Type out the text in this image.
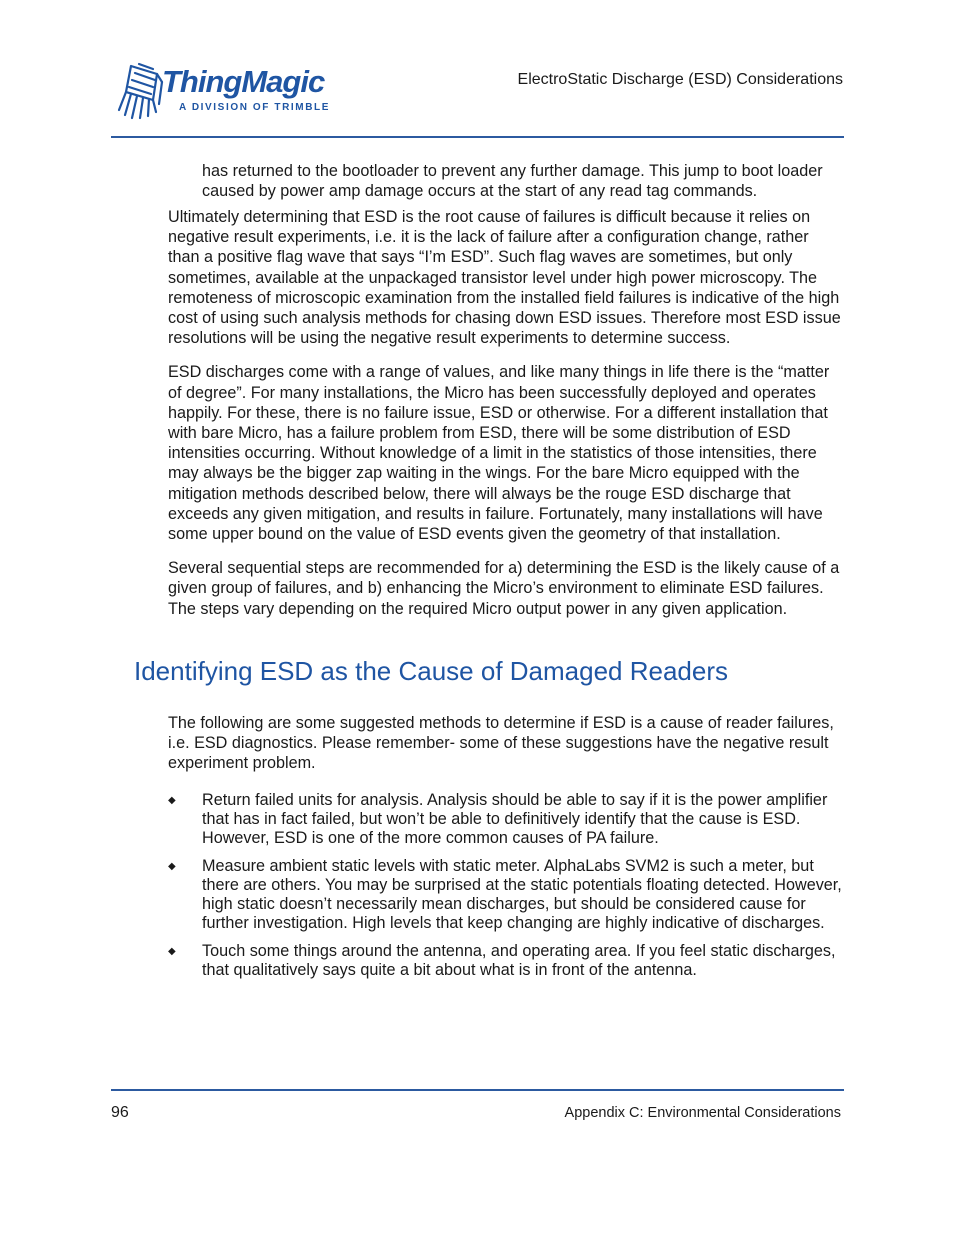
ThingMagic
A DIVISION OF TRIMBLE
ElectroStatic Discharge (ESD) Considerations

has returned to the bootloader to prevent any further damage. This jump to boot loader caused by power amp damage occurs at the start of any read tag commands.

Ultimately determining that ESD is the root cause of failures is difficult because it relies on negative result experiments, i.e. it is the lack of failure after a configuration change, rather than a positive flag wave that says “I’m ESD”. Such flag waves are sometimes, but only sometimes, available at the unpackaged transistor level under high power microscopy. The remoteness of microscopic examination from the installed field failures is indicative of the high cost of using such analysis methods for chasing down ESD issues. Therefore most ESD issue resolutions will be using the negative result experiments to determine success.

ESD discharges come with a range of values, and like many things in life there is the “matter of degree”. For many installations, the Micro has been successfully deployed and operates happily. For these, there is no failure issue, ESD or otherwise. For a different installation that with bare Micro, has a failure problem from ESD, there will be some distribution of ESD intensities occurring. Without knowledge of a limit in the statistics of those intensities, there may always be the bigger zap waiting in the wings. For the bare Micro equipped with the mitigation methods described below, there will always be the rouge ESD discharge that exceeds any given mitigation, and results in failure. Fortunately, many installations will have some upper bound on the value of ESD events given the geometry of that installation.

Several sequential steps are recommended for a) determining the ESD is the likely cause of a given group of failures, and b) enhancing the Micro’s environment to eliminate ESD failures. The steps vary depending on the required Micro output power in any given application.

Identifying ESD as the Cause of Damaged Readers

The following are some suggested methods to determine if ESD is a cause of reader failures, i.e. ESD diagnostics. Please remember- some of these suggestions have the negative result experiment problem.

◆ Return failed units for analysis. Analysis should be able to say if it is the power amplifier that has in fact failed, but won’t be able to definitively identify that the cause is ESD. However, ESD is one of the more common causes of PA failure.
◆ Measure ambient static levels with static meter. AlphaLabs SVM2 is such a meter, but there are others. You may be surprised at the static potentials floating detected. However, high static doesn’t necessarily mean discharges, but should be considered cause for further investigation. High levels that keep changing are highly indicative of discharges.
◆ Touch some things around the antenna, and operating area. If you feel static discharges, that qualitatively says quite a bit about what is in front of the antenna.
96	Appendix C: Environmental Considerations
